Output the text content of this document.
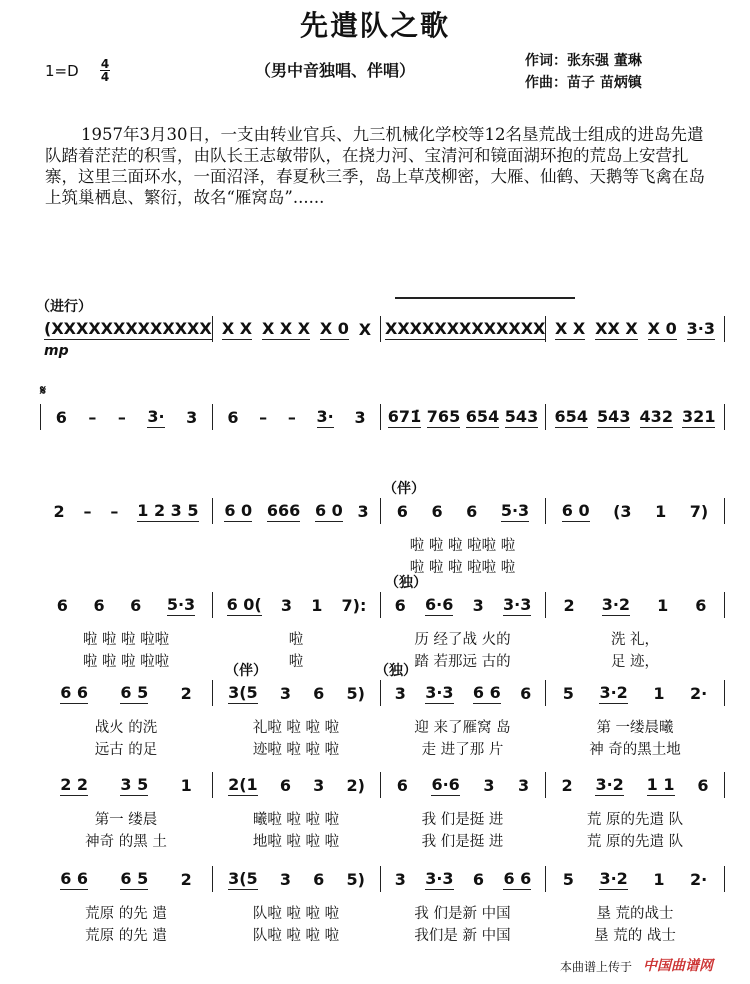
先遣队之歌
1=D 4
4	（男中音独唱、伴唱）	作词：张东强 董琳
作曲：苗子 苗炳镇
1957年3月30日，一支由转业官兵、九三机械化学校等12名垦荒战士组成的进岛先遣队踏着茫茫的积雪，由队长王志敏带队，在挠力河、宝清河和镜面湖环抱的荒岛上安营扎寨，这里三面环水，一面沼泽，春夏秋三季，岛上草茂柳密，大雁、仙鹤、天鹅等飞禽在岛上筑巢栖息、繁衍，故名“雁窝岛”......
（进行）
mp
𝄋
（伴）
（独）
（伴）	（独）
(XXX XXX XXX XXXX X X X X X X 0 X XXX XXX XXX XXXX X X XX X X 0 3·3
6 – – 3· 3 6 – – 3· 3 671̇ 765 654 543 654 543 432 321
2 – – 1 2 3 5 6 0 666 6 0 3 6 6 6 5·3 6 0 (3 1 7)
啦 啦 啦 啦啦 啦
啦 啦 啦 啦啦 啦
6 6 6 5·3 6 0( 3 1 7): 6 6·6 3 3·3 2 3·2 1 6
啦 啦 啦 啦啦	啦	历 经了战 火的	洗 礼，
啦 啦 啦 啦啦	啦	踏 若那远 古的	足 迹，
6 6 6 5 2 3(5 3 6 5) 3 3·3 6 6 6 5 3·2 1 2·
战火 的洗	礼啦 啦 啦 啦	迎 来了雁窝 岛	第 一缕晨曦
远古 的足	迹啦 啦 啦 啦	走 进了那 片	神 奇的黑土地
2 2 3 5 1 2(1 6 3 2) 6 6·6 3 3 2 3·2 1 1 6
第一 缕晨	曦啦 啦 啦 啦	我 们是挺 进	荒 原的先遣 队
神奇 的黑 土	地啦 啦 啦 啦	我 们是挺 进	荒 原的先遣 队
6 6 6 5 2 3(5 3 6 5) 3 3·3 6 6 6 5 3·2 1 2·
荒原 的先 遣	队啦 啦 啦 啦	我 们是新 中国	垦 荒的战士
荒原 的先 遣	队啦 啦 啦 啦	我们是 新 中国	垦 荒的 战士
本曲谱上传于 中国曲谱网
